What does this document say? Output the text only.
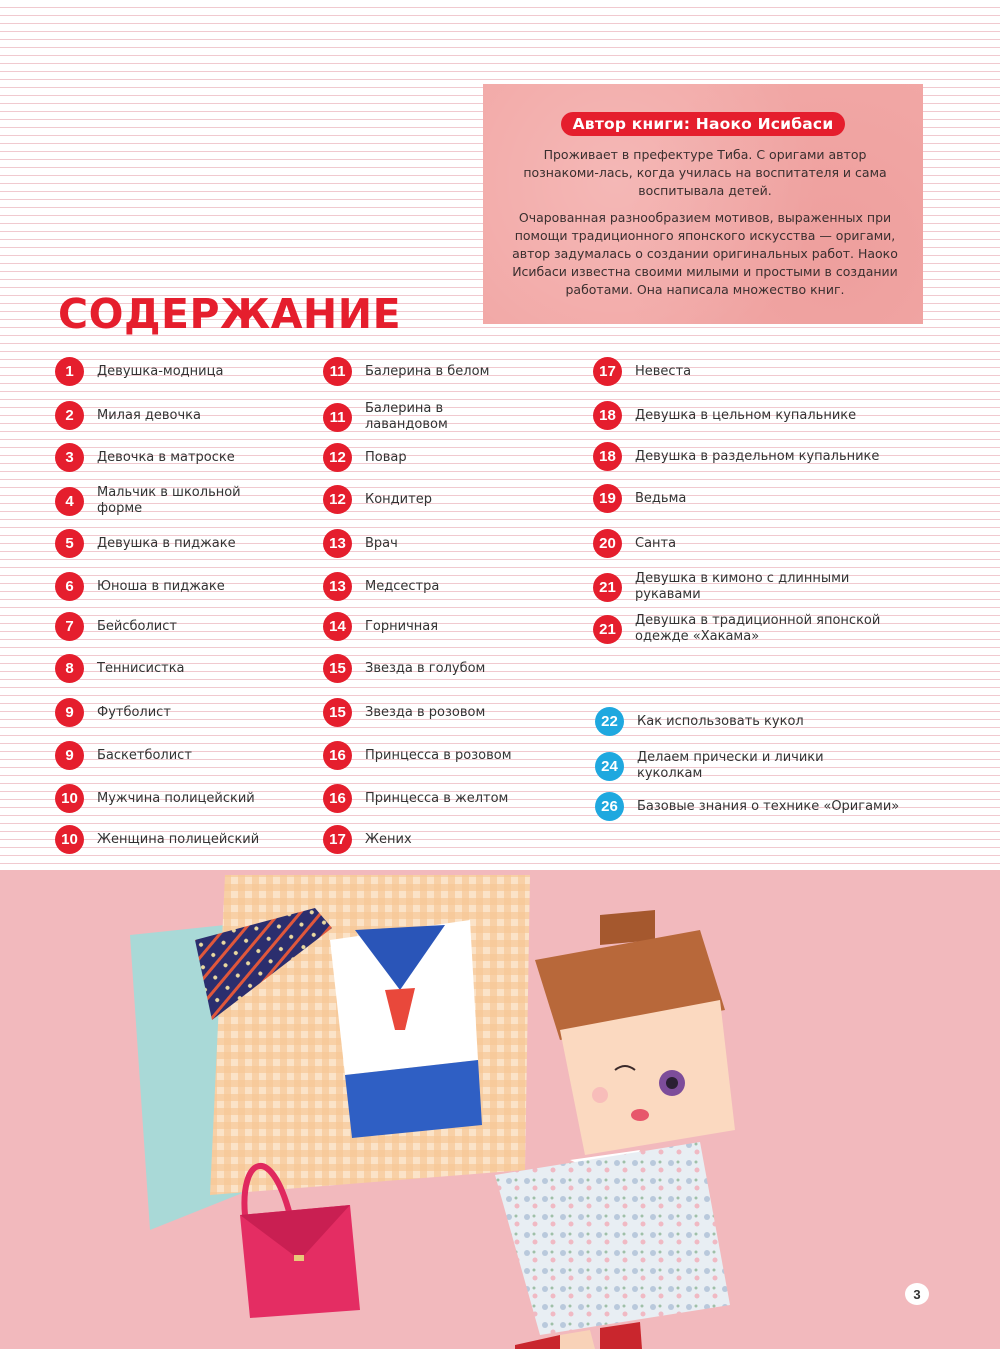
Автор книги: Наоко Исибаси

Проживает в префектуре Тиба. С оригами автор познакоми-лась, когда училась на воспитателя и сама воспитывала детей.

Очарованная разнообразием мотивов, выраженных при помощи традиционного японского искусства — оригами, автор задумалась о создании оригинальных работ. Наоко Исибаси известна своими милыми и простыми в создании работами. Она написала множество книг.

СОДЕРЖАНИЕ
1	Девушка-модница
2	Милая девочка
3	Девочка в матроске
4	Мальчик в школьной форме
5	Девушка в пиджаке
6	Юноша в пиджаке
7	Бейсболист
8	Теннисистка
9	Футболист
9	Баскетболист
10	Мужчина полицейский
10	Женщина полицейский
11	Балерина в белом
11	Балерина в лавандовом
12	Повар
12	Кондитер
13	Врач
13	Медсестра
14	Горничная
15	Звезда в голубом
15	Звезда в розовом
16	Принцесса в розовом
16	Принцесса в желтом
17	Жених
17	Невеста
18	Девушка в цельном купальнике
18	Девушка в раздельном купальнике
19	Ведьма
20	Санта
21	Девушка в кимоно с длинными рукавами
21	Девушка в традиционной японской одежде «Хакама»
22	Как использовать кукол
24	Делаем прически и личики куколкам
26	Базовые знания о технике «Оригами»
3
